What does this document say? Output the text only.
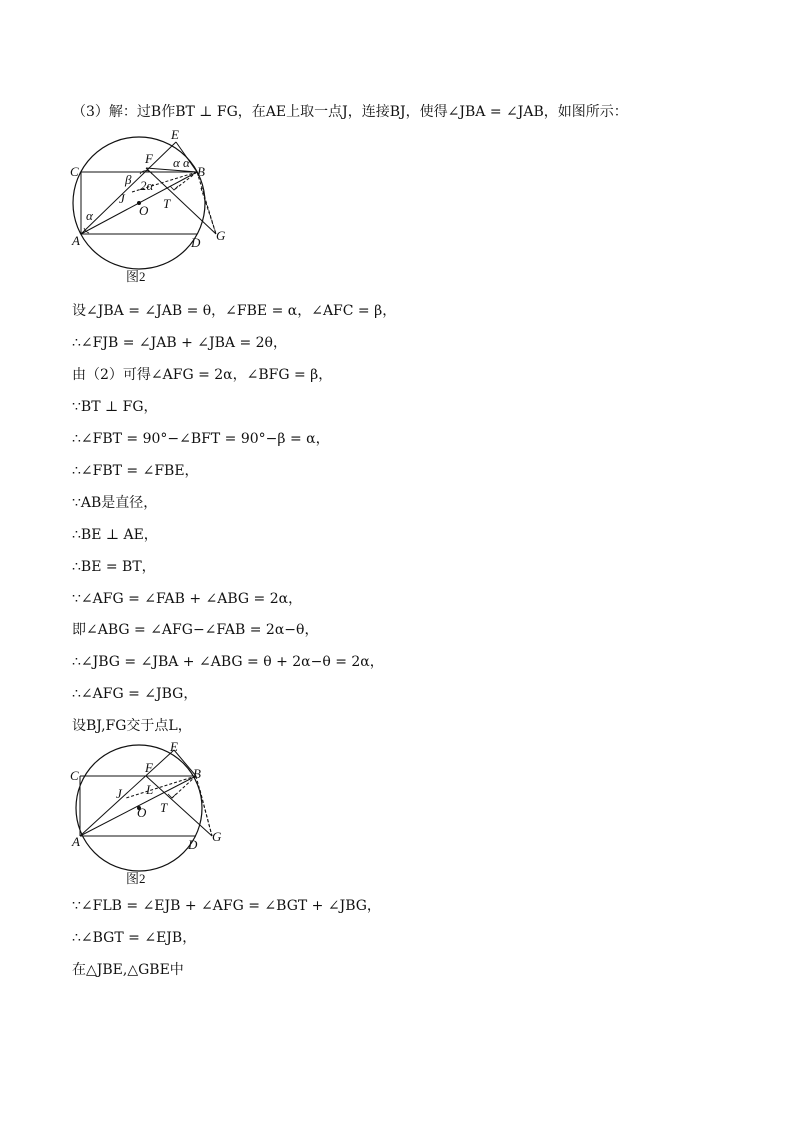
（3）解：过B作BT ⊥ FG，在AE上取一点J，连接BJ，使得∠JBA = ∠JAB，如图所示：
C
E
F
B
α α
β 2α
J
O T
α
A	D G
图2
设∠JBA = ∠JAB = θ，∠FBE = α，∠AFC = β，
∴∠FJB = ∠JAB + ∠JBA = 2θ，
由（2）可得∠AFG = 2α，∠BFG = β，
∵BT ⊥ FG，
∴∠FBT = 90°−∠BFT = 90°−β = α，
∴∠FBT = ∠FBE，
∵AB是直径，
∴BE ⊥ AE，
∴BE = BT，
∵∠AFG = ∠FAB + ∠ABG = 2α，
即∠ABG = ∠AFG−∠FAB = 2α−θ，
∴∠JBG = ∠JBA + ∠ABG = θ + 2α−θ = 2α，
∴∠AFG = ∠JBG，
设BJ,FG交于点L，
C
E
F	B
J L
O T
A	D
G
图2
∵∠FLB = ∠EJB + ∠AFG = ∠BGT + ∠JBG，
∴∠BGT = ∠EJB，
在△JBE,△GBE中
